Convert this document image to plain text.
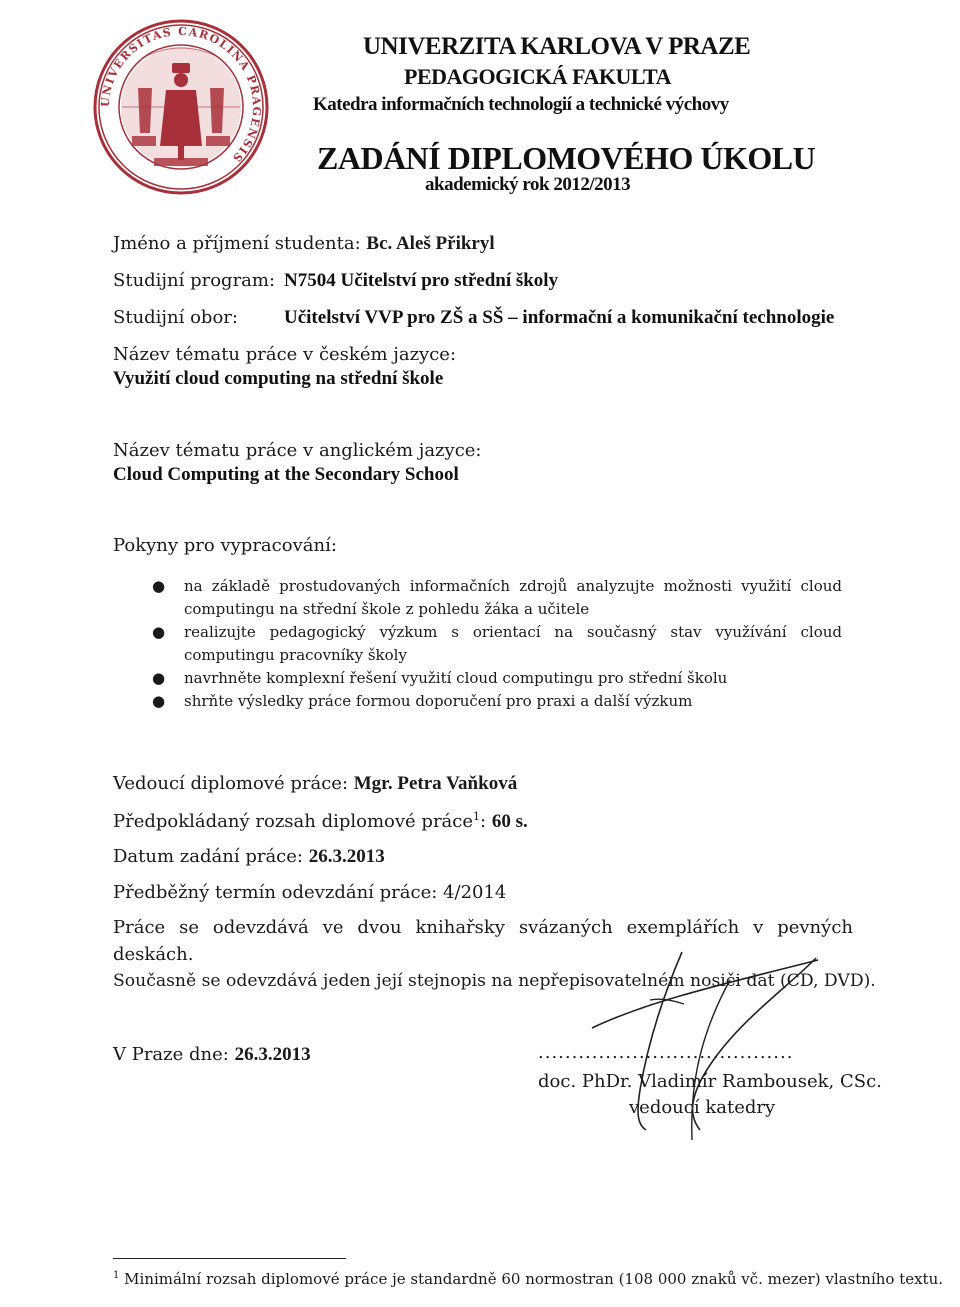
UNIVERSITAS CAROLINA PRAGENSIS
UNIVERZITA KARLOVA V PRAZE
PEDAGOGICKÁ FAKULTA
Katedra informačních technologií a technické výchovy
ZADÁNÍ DIPLOMOVÉHO ÚKOLU
akademický rok 2012/2013
Jméno a příjmení studenta: Bc. Aleš Přikryl
Studijní program: N7504 Učitelství pro střední školy
Studijní obor: Učitelství VVP pro ZŠ a SŠ – informační a komunikační technologie
Název tématu práce v českém jazyce:
Využití cloud computing na střední škole
Název tématu práce v anglickém jazyce:
Cloud Computing at the Secondary School
Pokyny pro vypracování:
● na základě prostudovaných informačních zdrojů analyzujte možnosti využití cloud
computingu na střední škole z pohledu žáka a učitele
● realizujte pedagogický výzkum s orientací na současný stav využívání cloud
computingu pracovníky školy
● navrhněte komplexní řešení využití cloud computingu pro střední školu
● shrňte výsledky práce formou doporučení pro praxi a další výzkum
Vedoucí diplomové práce: Mgr. Petra Vaňková
Předpokládaný rozsah diplomové práce$^1$: 60 s.
Datum zadání práce: 26.3.2013
Předběžný termín odevzdání práce: 4/2014
Práce se odevzdává ve dvou knihařsky svázaných exemplářích v pevných deskách.
Současně se odevzdává jeden její stejnopis na nepřepisovatelném nosiči dat (CD, DVD).
V Praze dne: 26.3.2013	......................................
doc. PhDr. Vladimír Rambousek, CSc.
vedoucí katedry
$^1$ Minimální rozsah diplomové práce je standardně 60 normostran (108 000 znaků vč. mezer) vlastního textu.
